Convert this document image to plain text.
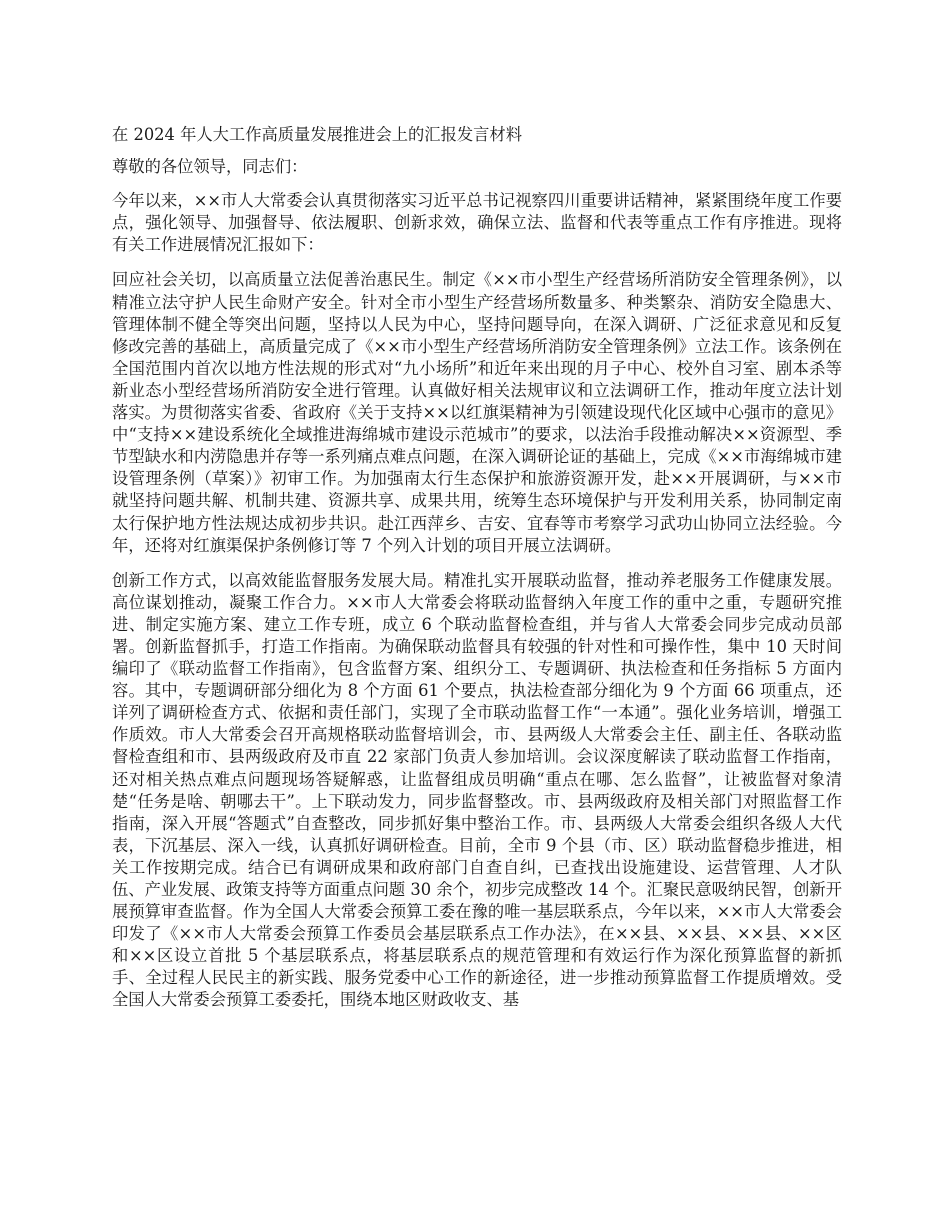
在 2024 年人大工作高质量发展推进会上的汇报发言材料

尊敬的各位领导，同志们：

今年以来，××市人大常委会认真贯彻落实习近平总书记视察四川重要讲话精神，紧紧围绕年度工作要点，强化领导、加强督导、依法履职、创新求效，确保立法、监督和代表等重点工作有序推进。现将有关工作进展情况汇报如下：

回应社会关切，以高质量立法促善治惠民生。制定《××市小型生产经营场所消防安全管理条例》，以精准立法守护人民生命财产安全。针对全市小型生产经营场所数量多、种类繁杂、消防安全隐患大、管理体制不健全等突出问题，坚持以人民为中心，坚持问题导向，在深入调研、广泛征求意见和反复修改完善的基础上，高质量完成了《××市小型生产经营场所消防安全管理条例》立法工作。该条例在全国范围内首次以地方性法规的形式对“九小场所”和近年来出现的月子中心、校外自习室、剧本杀等新业态小型经营场所消防安全进行管理。认真做好相关法规审议和立法调研工作，推动年度立法计划落实。为贯彻落实省委、省政府《关于支持××以红旗渠精神为引领建设现代化区域中心强市的意见》中“支持××建设系统化全域推进海绵城市建设示范城市”的要求，以法治手段推动解决××资源型、季节型缺水和内涝隐患并存等一系列痛点难点问题，在深入调研论证的基础上，完成《××市海绵城市建设管理条例（草案）》初审工作。为加强南太行生态保护和旅游资源开发，赴××开展调研，与××市就坚持问题共解、机制共建、资源共享、成果共用，统筹生态环境保护与开发利用关系，协同制定南太行保护地方性法规达成初步共识。赴江西萍乡、吉安、宜春等市考察学习武功山协同立法经验。今年，还将对红旗渠保护条例修订等 7 个列入计划的项目开展立法调研。

创新工作方式，以高效能监督服务发展大局。精准扎实开展联动监督，推动养老服务工作健康发展。高位谋划推动，凝聚工作合力。××市人大常委会将联动监督纳入年度工作的重中之重，专题研究推进、制定实施方案、建立工作专班，成立 6 个联动监督检查组，并与省人大常委会同步完成动员部署。创新监督抓手，打造工作指南。为确保联动监督具有较强的针对性和可操作性，集中 10 天时间编印了《联动监督工作指南》，包含监督方案、组织分工、专题调研、执法检查和任务指标 5 方面内容。其中，专题调研部分细化为 8 个方面 61 个要点，执法检查部分细化为 9 个方面 66 项重点，还详列了调研检查方式、依据和责任部门，实现了全市联动监督工作“一本通”。强化业务培训，增强工作质效。市人大常委会召开高规格联动监督培训会，市、县两级人大常委会主任、副主任、各联动监督检查组和市、县两级政府及市直 22 家部门负责人参加培训。会议深度解读了联动监督工作指南，还对相关热点难点问题现场答疑解惑，让监督组成员明确“重点在哪、怎么监督”，让被监督对象清楚“任务是啥、朝哪去干”。上下联动发力，同步监督整改。市、县两级政府及相关部门对照监督工作指南，深入开展“答题式”自查整改，同步抓好集中整治工作。市、县两级人大常委会组织各级人大代表，下沉基层、深入一线，认真抓好调研检查。目前，全市 9 个县（市、区）联动监督稳步推进，相关工作按期完成。结合已有调研成果和政府部门自查自纠，已查找出设施建设、运营管理、人才队伍、产业发展、政策支持等方面重点问题 30 余个，初步完成整改 14 个。汇聚民意吸纳民智，创新开展预算审查监督。作为全国人大常委会预算工委在豫的唯一基层联系点，今年以来，××市人大常委会印发了《××市人大常委会预算工作委员会基层联系点工作办法》，在××县、××县、××县、××区和××区设立首批 5 个基层联系点，将基层联系点的规范管理和有效运行作为深化预算监督的新抓手、全过程人民民主的新实践、服务党委中心工作的新途径，进一步推动预算监督工作提质增效。受全国人大常委会预算工委委托，围绕本地区财政收支、基
